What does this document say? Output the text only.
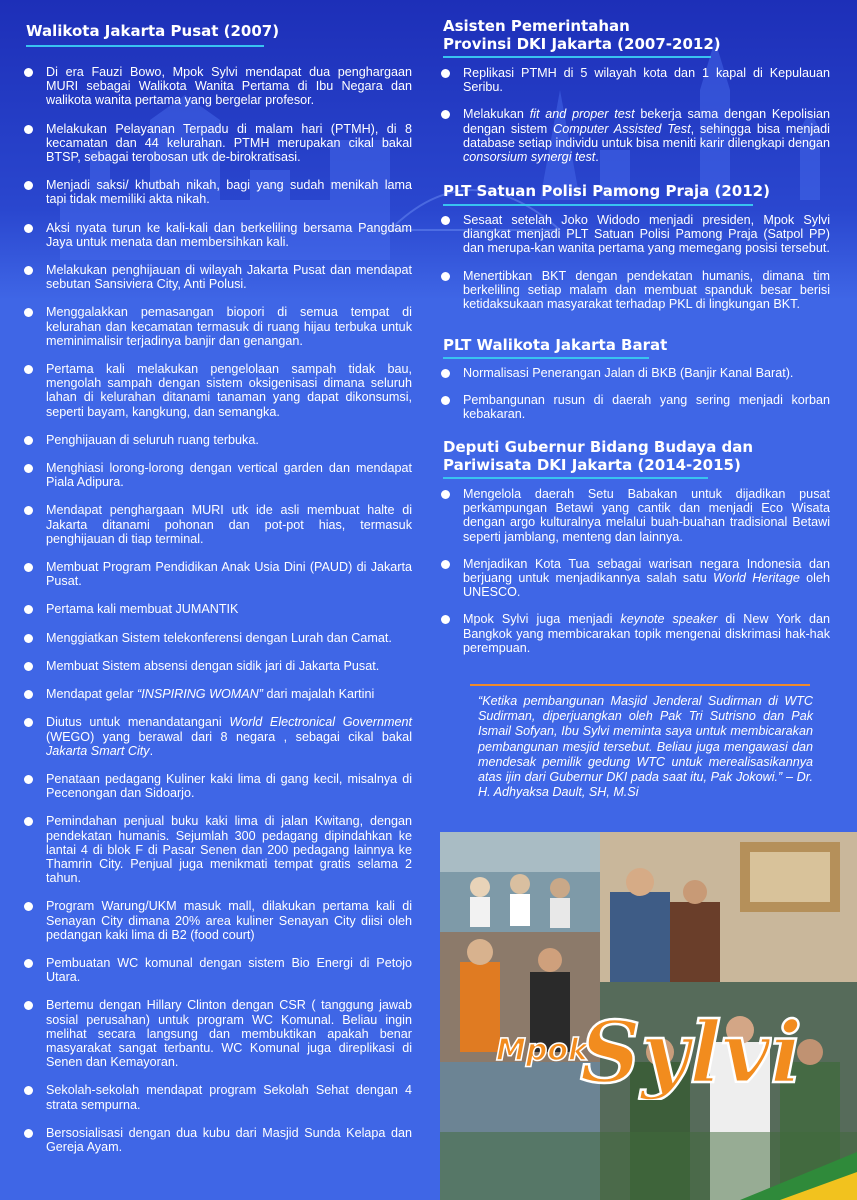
Walikota Jakarta Pusat (2007)
Di era Fauzi Bowo, Mpok Sylvi mendapat dua penghargaan MURI sebagai Walikota Wanita Pertama di Ibu Negara dan walikota wanita pertama yang bergelar profesor.
Melakukan Pelayanan Terpadu di malam hari (PTMH), di 8 kecamatan dan 44 kelurahan. PTMH merupakan cikal bakal BTSP, sebagai terobosan utk de-birokratisasi.
Menjadi saksi/ khutbah nikah, bagi yang sudah menikah lama tapi tidak memiliki akta nikah.
Aksi nyata turun ke kali-kali dan berkeliling bersama Pangdam Jaya untuk menata dan membersihkan kali.
Melakukan penghijauan di wilayah Jakarta Pusat dan mendapat sebutan Sansiviera City, Anti Polusi.
Menggalakkan pemasangan biopori di semua tempat di kelurahan dan kecamatan termasuk di ruang hijau terbuka untuk meminimalisir terjadinya banjir dan genangan.
Pertama kali melakukan pengelolaan sampah tidak bau, mengolah sampah dengan sistem oksigenisasi dimana seluruh lahan di kelurahan ditanami tanaman yang dapat dikonsumsi, seperti bayam, kangkung, dan semangka.
Penghijauan di seluruh ruang terbuka.
Menghiasi lorong-lorong dengan vertical garden dan mendapat Piala Adipura.
Mendapat penghargaan MURI utk ide asli membuat halte di Jakarta ditanami pohonan dan pot-pot hias, termasuk penghijauan di tiap terminal.
Membuat Program Pendidikan Anak Usia Dini (PAUD) di Jakarta Pusat.
Pertama kali membuat JUMANTIK
Menggiatkan Sistem telekonferensi dengan Lurah dan Camat.
Membuat Sistem absensi dengan sidik jari di Jakarta Pusat.
Mendapat gelar “INSPIRING WOMAN” dari majalah Kartini
Diutus untuk menandatangani World Electronical Government (WEGO) yang berawal dari 8 negara , sebagai cikal bakal Jakarta Smart City.
Penataan pedagang Kuliner kaki lima di gang kecil, misalnya di Pecenongan dan Sidoarjo.
Pemindahan penjual buku kaki lima di jalan Kwitang, dengan pendekatan humanis. Sejumlah 300 pedagang dipindahkan ke lantai 4 di blok F di Pasar Senen dan 200 pedagang lainnya ke Thamrin City. Penjual juga menikmati tempat gratis selama 2 tahun.
Program Warung/UKM masuk mall, dilakukan pertama kali di Senayan City dimana 20% area kuliner Senayan City diisi oleh pedangan kaki lima di B2 (food court)
Pembuatan WC komunal dengan sistem Bio Energi di Petojo Utara.
Bertemu dengan Hillary Clinton dengan CSR ( tanggung jawab sosial perusahan) untuk program WC Komunal. Beliau ingin melihat secara langsung dan membuktikan apakah benar masyarakat sangat terbantu. WC Komunal juga direplikasi di Senen dan Kemayoran.
Sekolah-sekolah mendapat program Sekolah Sehat dengan 4 strata sempurna.
Bersosialisasi dengan dua kubu dari Masjid Sunda Kelapa dan Gereja Ayam.
Asisten Pemerintahan
Provinsi DKI Jakarta (2007-2012)
Replikasi PTMH di 5 wilayah kota dan 1 kapal di Kepulauan Seribu.
Melakukan fit and proper test bekerja sama dengan Kepolisian dengan sistem Computer Assisted Test, sehingga bisa menjadi database setiap individu untuk bisa meniti karir dilengkapi dengan consorsium synergi test.
PLT Satuan Polisi Pamong Praja (2012)
Sesaat setelah Joko Widodo menjadi presiden, Mpok Sylvi diangkat menjadi PLT Satuan Polisi Pamong Praja (Satpol PP) dan merupa-kan wanita pertama yang memegang posisi tersebut.
Menertibkan BKT dengan pendekatan humanis, dimana tim berkeliling setiap malam dan membuat spanduk besar berisi ketidaksukaan masyarakat terhadap PKL di lingkungan BKT.
PLT Walikota Jakarta Barat
Normalisasi Penerangan Jalan di BKB (Banjir Kanal Barat).
Pembangunan rusun di daerah yang sering menjadi korban kebakaran.
Deputi Gubernur Bidang Budaya dan
Pariwisata DKI Jakarta (2014-2015)
Mengelola daerah Setu Babakan untuk dijadikan pusat perkampungan Betawi yang cantik dan menjadi Eco Wisata dengan argo kulturalnya melalui buah-buahan tradisional Betawi seperti jamblang, menteng dan lainnya.
Menjadikan Kota Tua sebagai warisan negara Indonesia dan berjuang untuk menjadikannya salah satu World Heritage oleh UNESCO.
Mpok Sylvi juga menjadi keynote speaker di New York dan Bangkok yang membicarakan topik mengenai diskrimasi hak-hak perempuan.

“Ketika pembangunan Masjid Jenderal Sudirman di WTC Sudirman, diperjuangkan oleh Pak Tri Sutrisno dan Pak Ismail Sofyan, Ibu Sylvi meminta saya untuk membicarakan pembangunan mesjid tersebut. Beliau juga mengawasi dan mendesak pemilik gedung WTC untuk merealisasikannya atas ijin dari Gubernur DKI pada saat itu, Pak Jokowi.” – Dr. H. Adhyaksa Dault, SH, M.Si

Mpok
Sylvi
